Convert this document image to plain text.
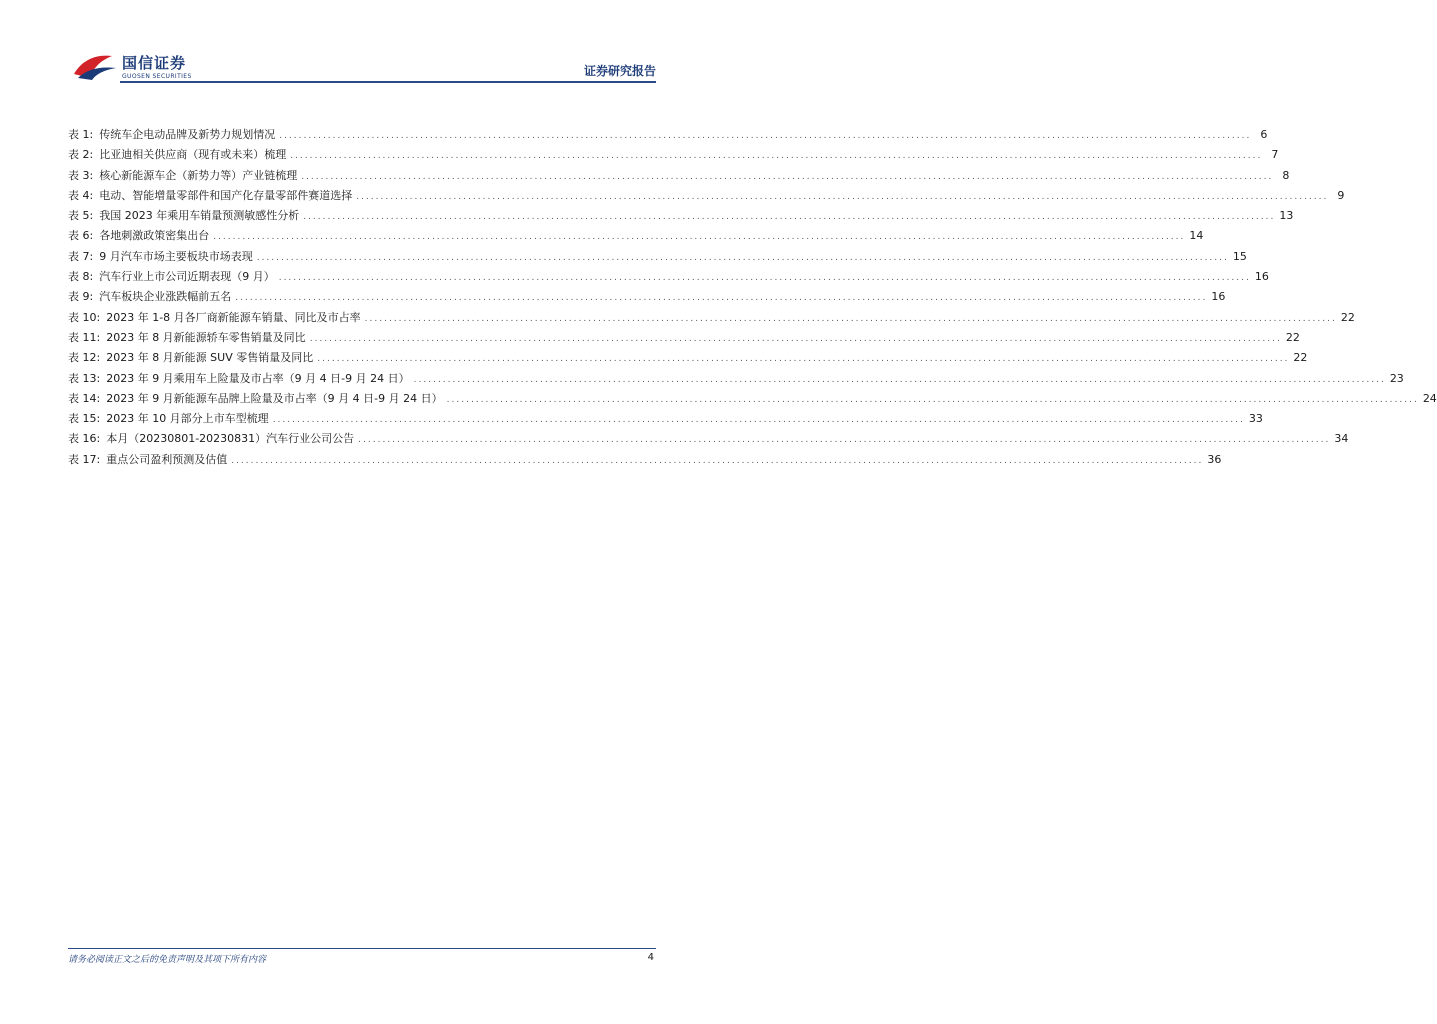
国信证券
GUOSEN SECURITIES	证券研究报告
表 1: 传统车企电动品牌及新势力规划情况 ........................................................................................................................................................................................................ 6
表 2: 比亚迪相关供应商（现有或未来）梳理 ........................................................................................................................................................................................................ 7
表 3: 核心新能源车企（新势力等）产业链梳理 ........................................................................................................................................................................................................ 8
表 4: 电动、智能增量零部件和国产化存量零部件赛道选择 ........................................................................................................................................................................................................ 9
表 5: 我国 2023 年乘用车销量预测敏感性分析 ........................................................................................................................................................................................................ 13
表 6: 各地刺激政策密集出台 ........................................................................................................................................................................................................ 14
表 7: 9 月汽车市场主要板块市场表现 ........................................................................................................................................................................................................ 15
表 8: 汽车行业上市公司近期表现（9 月） ........................................................................................................................................................................................................ 16
表 9: 汽车板块企业涨跌幅前五名 ........................................................................................................................................................................................................ 16
表 10: 2023 年 1-8 月各厂商新能源车销量、同比及市占率 ........................................................................................................................................................................................................ 22
表 11: 2023 年 8 月新能源轿车零售销量及同比 ........................................................................................................................................................................................................ 22
表 12: 2023 年 8 月新能源 SUV 零售销量及同比 ........................................................................................................................................................................................................ 22
表 13: 2023 年 9 月乘用车上险量及市占率（9 月 4 日-9 月 24 日） ........................................................................................................................................................................................................ 23
表 14: 2023 年 9 月新能源车品牌上险量及市占率（9 月 4 日-9 月 24 日） ........................................................................................................................................................................................................ 24
表 15: 2023 年 10 月部分上市车型梳理 ........................................................................................................................................................................................................ 33
表 16: 本月（20230801-20230831）汽车行业公司公告 ........................................................................................................................................................................................................ 34
表 17: 重点公司盈利预测及估值 ........................................................................................................................................................................................................ 36
请务必阅读正文之后的免责声明及其项下所有内容	4
